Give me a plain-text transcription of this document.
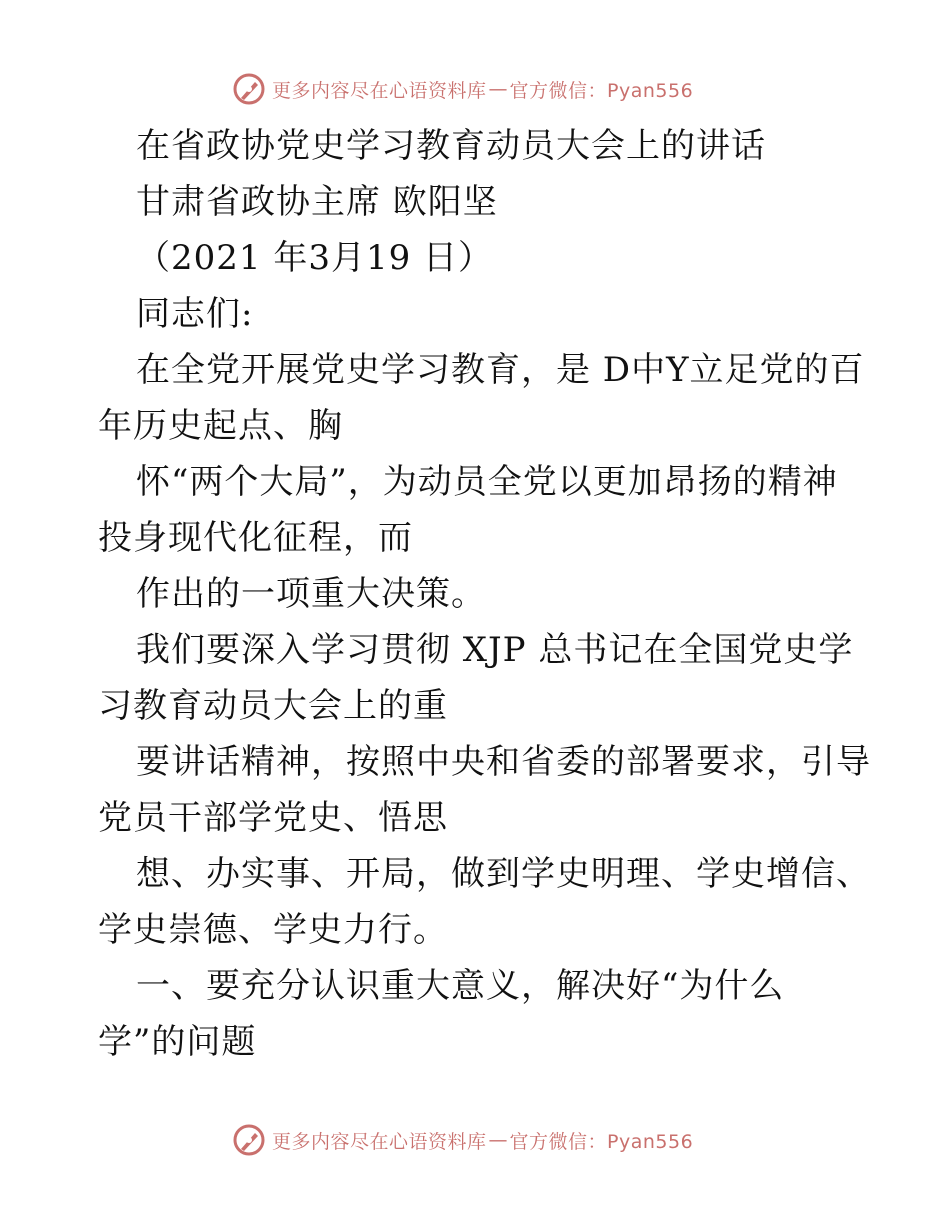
更多内容尽在心语资料库 — 官方微信：Pyan556
在省政协党史学习教育动员大会上的讲话
甘肃省政协主席 欧阳坚
（2021 年3月19 日）
同志们:
在全党开展党史学习教育，是 D中Y立足党的百
年历史起点、胸
怀“两个大局”，为动员全党以更加昂扬的精神
投身现代化征程，而
作出的一项重大决策。
我们要深入学习贯彻 XJP 总书记在全国党史学
习教育动员大会上的重
要讲话精神，按照中央和省委的部署要求，引导
党员干部学党史、悟思
想、办实事、开局，做到学史明理、学史增信、
学史崇德、学史力行。
一、要充分认识重大意义，解决好“为什么
学”的问题
更多内容尽在心语资料库 — 官方微信：Pyan556
